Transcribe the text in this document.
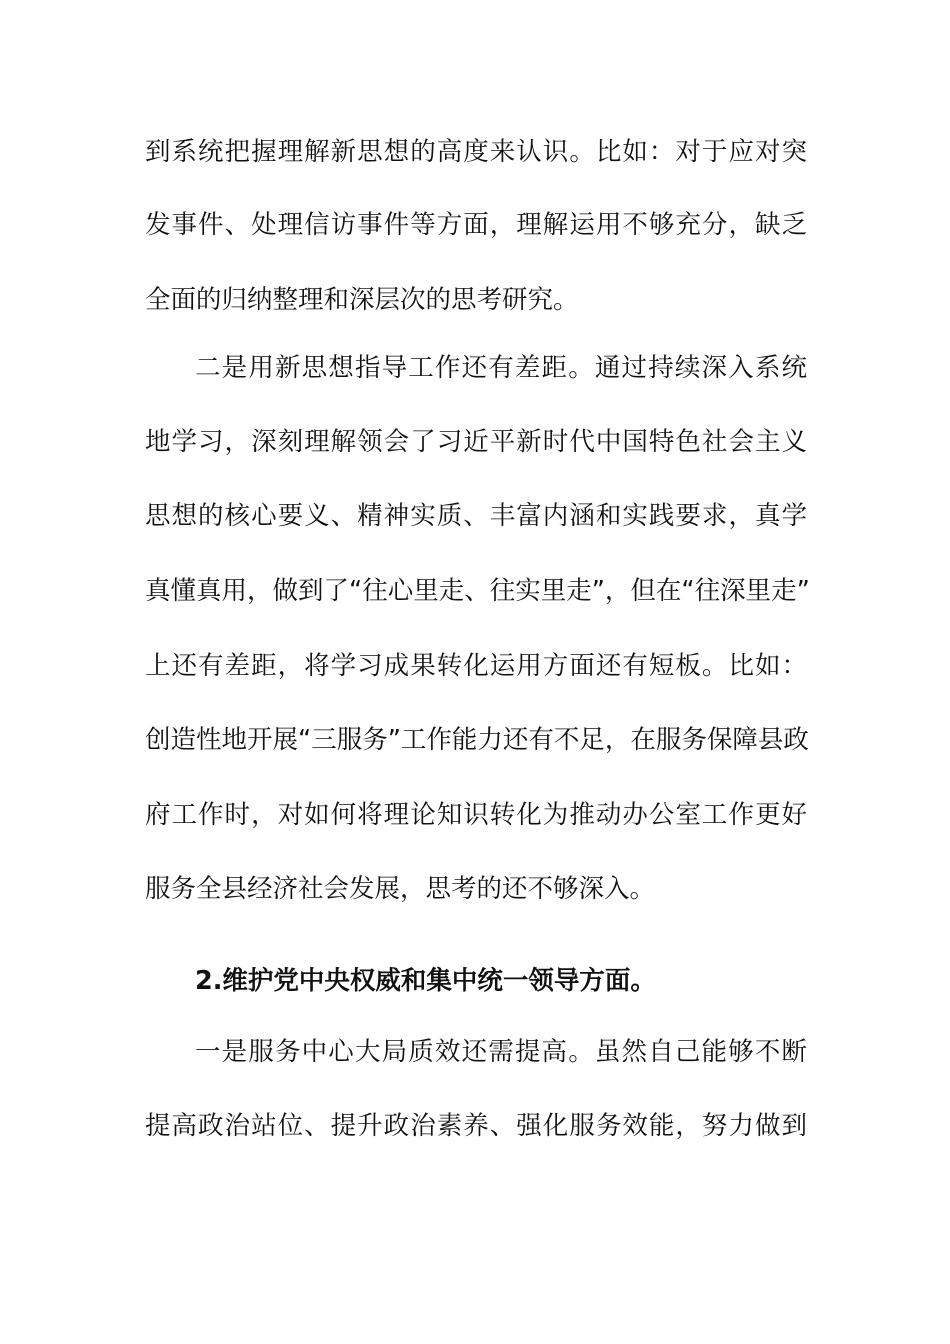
到系统把握理解新思想的高度来认识。比如：对于应对突
发事件、处理信访事件等方面，理解运用不够充分，缺乏
全面的归纳整理和深层次的思考研究。
二是用新思想指导工作还有差距。通过持续深入系统
地学习，深刻理解领会了习近平新时代中国特色社会主义
思想的核心要义、精神实质、丰富内涵和实践要求，真学
真懂真用，做到了“往心里走、往实里走”，但在“往深里走”
上还有差距，将学习成果转化运用方面还有短板。比如：
创造性地开展“三服务”工作能力还有不足，在服务保障县政
府工作时，对如何将理论知识转化为推动办公室工作更好
服务全县经济社会发展，思考的还不够深入。
2.维护党中央权威和集中统一领导方面。
一是服务中心大局质效还需提高。虽然自己能够不断
提高政治站位、提升政治素养、强化服务效能，努力做到
